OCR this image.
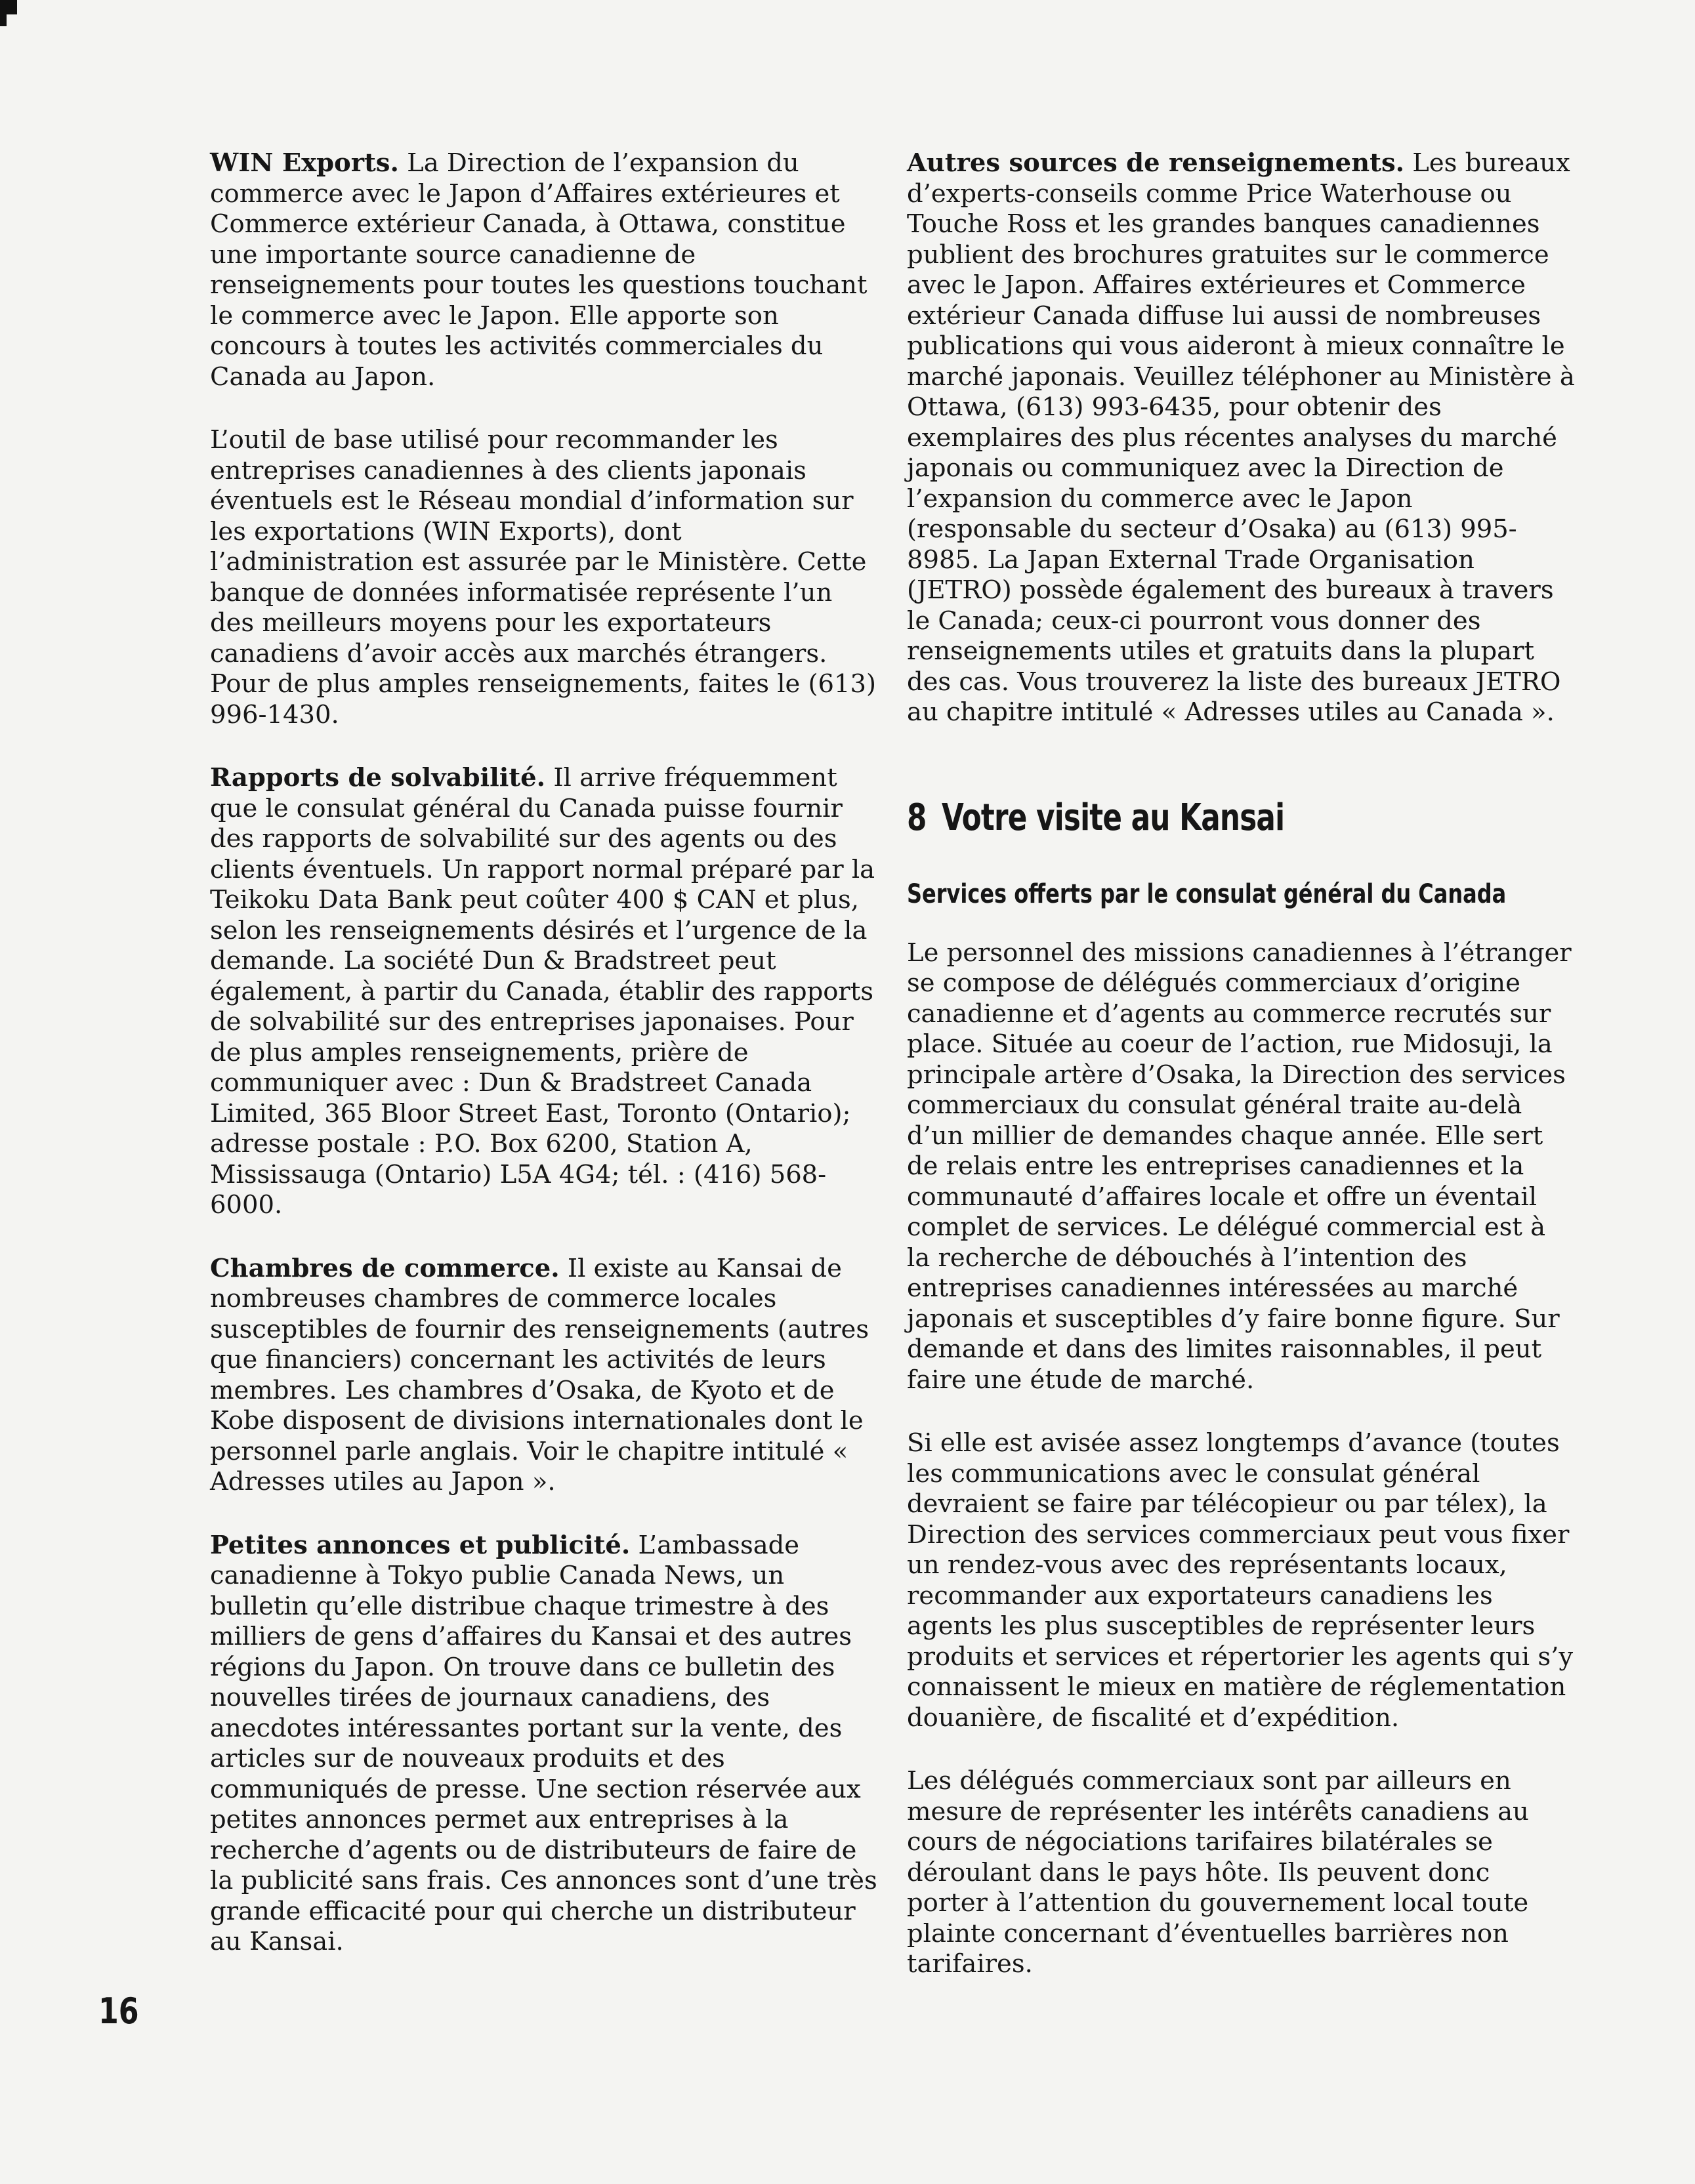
WIN Exports. La Direction de l’expansion du commerce avec le Japon d’Affaires extérieures et Commerce extérieur Canada, à Ottawa, constitue une importante source canadienne de renseignements pour toutes les questions touchant le commerce avec le Japon. Elle apporte son concours à toutes les activités commerciales du Canada au Japon.

L’outil de base utilisé pour recommander les entreprises canadiennes à des clients japonais éventuels est le Réseau mondial d’information sur les exportations (WIN Exports), dont l’administration est assurée par le Ministère. Cette banque de données informatisée représente l’un des meilleurs moyens pour les exportateurs canadiens d’avoir accès aux marchés étrangers. Pour de plus amples renseignements, faites le (613) 996-1430.

Rapports de solvabilité. Il arrive fréquemment que le consulat général du Canada puisse fournir des rapports de solvabilité sur des agents ou des clients éventuels. Un rapport normal préparé par la Teikoku Data Bank peut coûter 400 $ CAN et plus, selon les renseignements désirés et l’urgence de la demande. La société Dun & Bradstreet peut également, à partir du Canada, établir des rapports de solvabilité sur des entreprises japonaises. Pour de plus amples renseignements, prière de communiquer avec : Dun & Bradstreet Canada Limited, 365 Bloor Street East, Toronto (Ontario); adresse postale : P.O. Box 6200, Station A, Mississauga (Ontario) L5A 4G4; tél. : (416) 568-6000.

Chambres de commerce. Il existe au Kansai de nombreuses chambres de commerce locales susceptibles de fournir des renseignements (autres que financiers) concernant les activités de leurs membres. Les chambres d’Osaka, de Kyoto et de Kobe disposent de divisions internationales dont le personnel parle anglais. Voir le chapitre intitulé « Adresses utiles au Japon ».

Petites annonces et publicité. L’ambassade canadienne à Tokyo publie Canada News, un bulletin qu’elle distribue chaque trimestre à des milliers de gens d’affaires du Kansai et des autres régions du Japon. On trouve dans ce bulletin des nouvelles tirées de journaux canadiens, des anecdotes intéressantes portant sur la vente, des articles sur de nouveaux produits et des communiqués de presse. Une section réservée aux petites annonces permet aux entreprises à la recherche d’agents ou de distributeurs de faire de la publicité sans frais. Ces annonces sont d’une très grande efficacité pour qui cherche un distributeur au Kansai.

Autres sources de renseignements. Les bureaux d’experts-conseils comme Price Waterhouse ou Touche Ross et les grandes banques canadiennes publient des brochures gratuites sur le commerce avec le Japon. Affaires extérieures et Commerce extérieur Canada diffuse lui aussi de nombreuses publications qui vous aideront à mieux connaître le marché japonais. Veuillez téléphoner au Ministère à Ottawa, (613) 993-6435, pour obtenir des exemplaires des plus récentes analyses du marché japonais ou communiquez avec la Direction de l’expansion du commerce avec le Japon (responsable du secteur d’Osaka) au (613) 995-8985. La Japan External Trade Organisation (JETRO) possède également des bureaux à travers le Canada; ceux-ci pourront vous donner des renseignements utiles et gratuits dans la plupart des cas. Vous trouverez la liste des bureaux JETRO au chapitre intitulé « Adresses utiles au Canada ».

8 Votre visite au Kansai
Services offerts par le consulat général du Canada

Le personnel des missions canadiennes à l’étranger se compose de délégués commerciaux d’origine canadienne et d’agents au commerce recrutés sur place. Située au coeur de l’action, rue Midosuji, la principale artère d’Osaka, la Direction des services commerciaux du consulat général traite au-delà d’un millier de demandes chaque année. Elle sert de relais entre les entreprises canadiennes et la communauté d’affaires locale et offre un éventail complet de services. Le délégué commercial est à la recherche de débouchés à l’intention des entreprises canadiennes intéressées au marché japonais et susceptibles d’y faire bonne figure. Sur demande et dans des limites raisonnables, il peut faire une étude de marché.

Si elle est avisée assez longtemps d’avance (toutes les communications avec le consulat général devraient se faire par télécopieur ou par télex), la Direction des services commerciaux peut vous fixer un rendez-vous avec des représentants locaux, recommander aux exportateurs canadiens les agents les plus susceptibles de représenter leurs produits et services et répertorier les agents qui s’y connaissent le mieux en matière de réglementation douanière, de fiscalité et d’expédition.

Les délégués commerciaux sont par ailleurs en mesure de représenter les intérêts canadiens au cours de négociations tarifaires bilatérales se déroulant dans le pays hôte. Ils peuvent donc porter à l’attention du gouvernement local toute plainte concernant d’éventuelles barrières non tarifaires.

16
